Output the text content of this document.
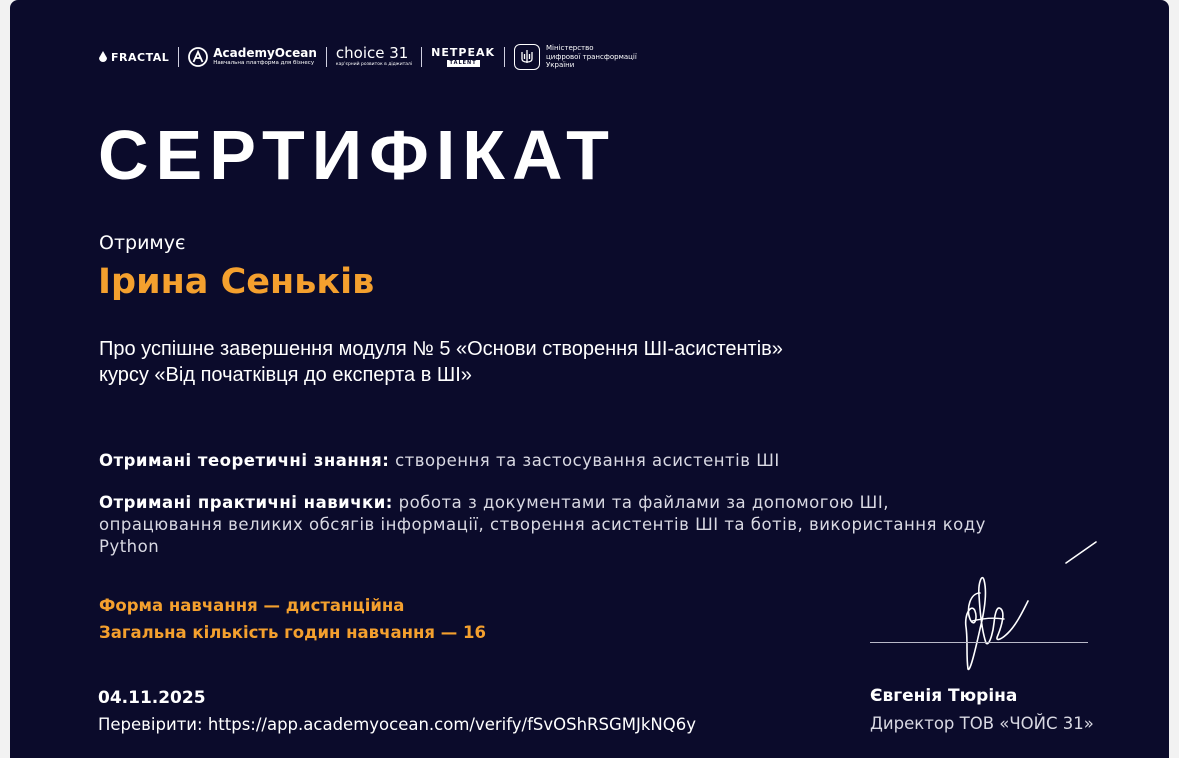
FRACTAL	AcademyOcean
Навчальна платформа для бізнесу
choice 31
кар'єрний розвиток в діджиталі
NETPEAK
TALENT
Міністерство
цифрової трансформації
України
СЕРТИФІКАТ
Отримує
Ірина Сеньків
Про успішне завершення модуля № 5 «Основи створення ШІ-асистентів»
курсу «Від початківця до експерта в ШІ»
Отримані теоретичні знання: створення та застосування асистентів ШІ
Отримані практичні навички: робота з документами та файлами за допомогою ШІ, опрацювання великих обсягів інформації, створення асистентів ШІ та ботів, використання коду Python
Форма навчання — дистанційна
Загальна кількість годин навчання — 16
04.11.2025
Перевірити: https://app.academyocean.com/verify/fSvOShRSGMJkNQ6y
Євгенія Тюріна
Директор ТОВ «ЧОЙС 31»
